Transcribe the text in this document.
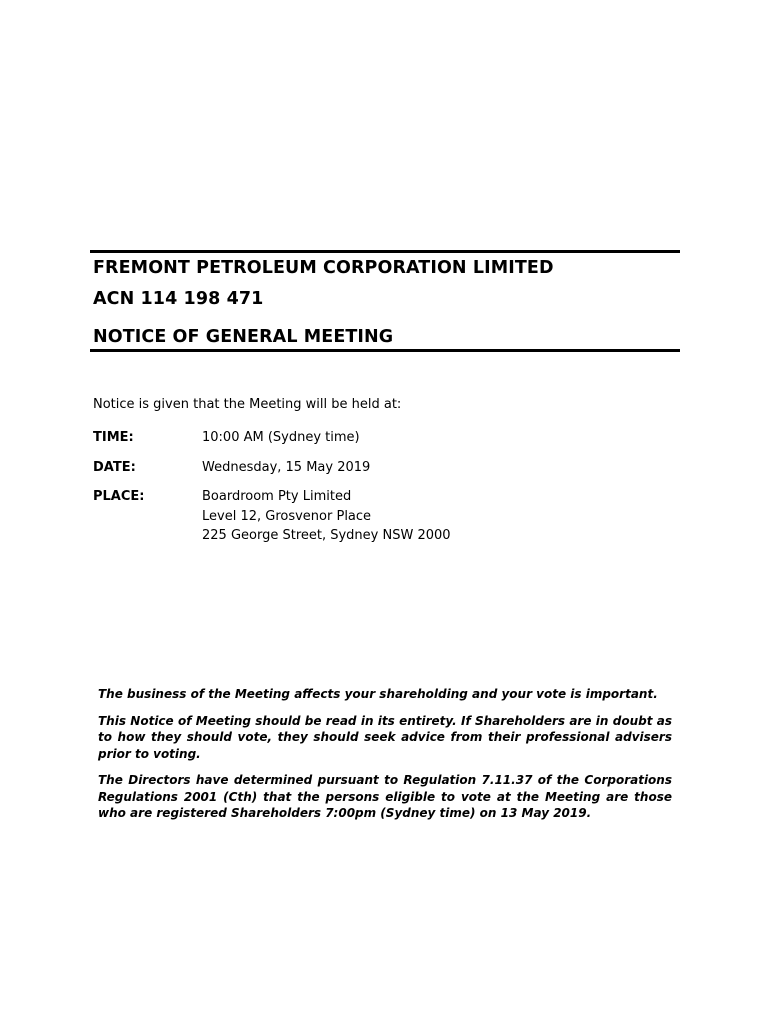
FREMONT PETROLEUM CORPORATION LIMITED
ACN 114 198 471
NOTICE OF GENERAL MEETING
Notice is given that the Meeting will be held at:
TIME:	10:00 AM (Sydney time)
DATE:	Wednesday, 15 May 2019
PLACE:	Boardroom Pty Limited
Level 12, Grosvenor Place
225 George Street, Sydney NSW 2000

The business of the Meeting affects your shareholding and your vote is important.

This Notice of Meeting should be read in its entirety. If Shareholders are in doubt as to how they should vote, they should seek advice from their professional advisers prior to voting.

The Directors have determined pursuant to Regulation 7.11.37 of the Corporations Regulations 2001 (Cth) that the persons eligible to vote at the Meeting are those who are registered Shareholders 7:00pm (Sydney time) on 13 May 2019.
